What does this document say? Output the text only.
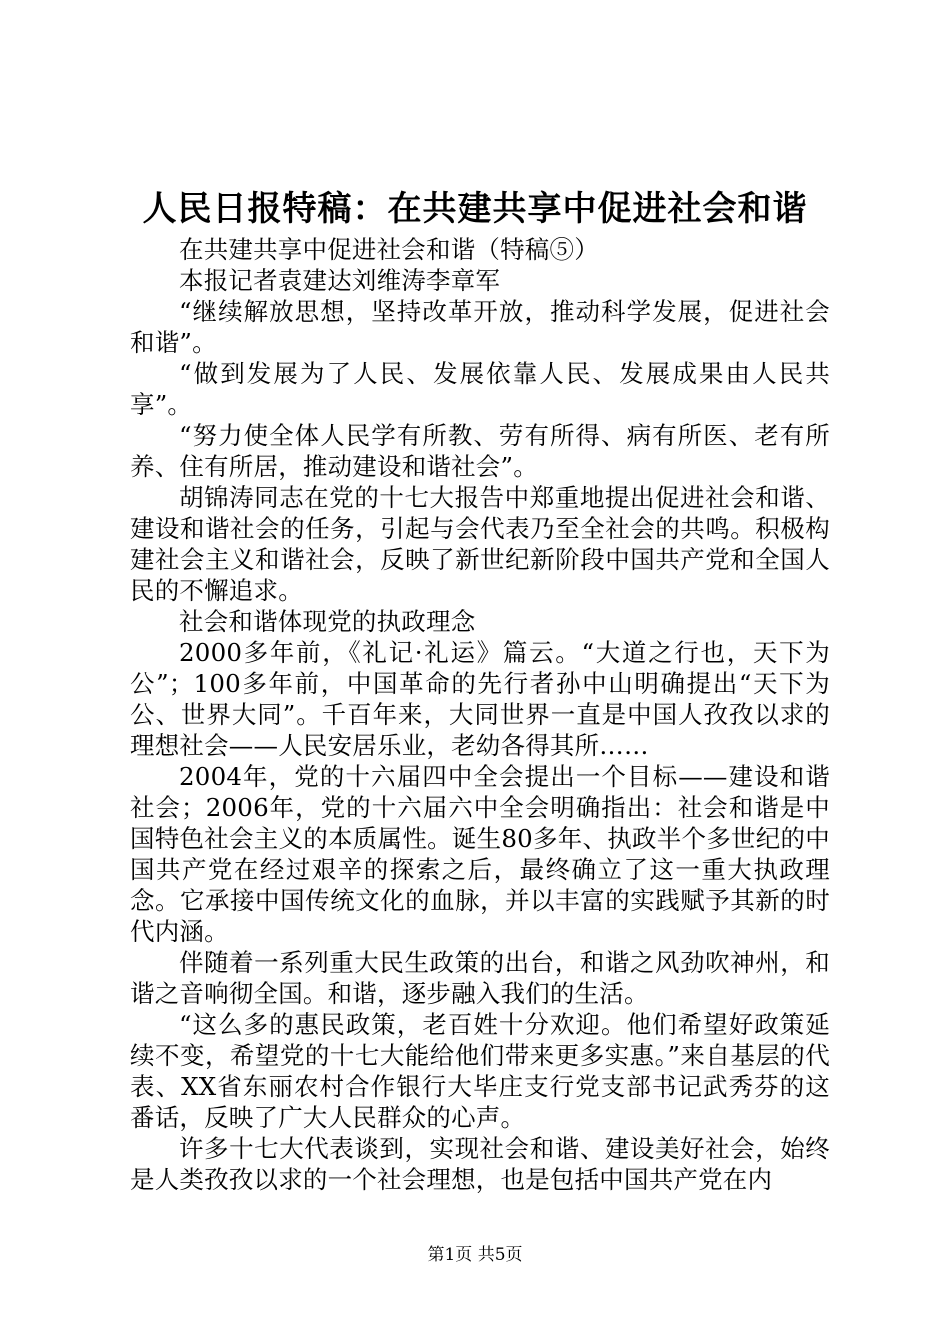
人民日报特稿：在共建共享中促进社会和谐

在共建共享中促进社会和谐（特稿⑤）

本报记者袁建达刘维涛李章军

“继续解放思想，坚持改革开放，推动科学发展，促进社会和谐”。

“做到发展为了人民、发展依靠人民、发展成果由人民共享”。

“努力使全体人民学有所教、劳有所得、病有所医、老有所养、住有所居，推动建设和谐社会”。

胡锦涛同志在党的十七大报告中郑重地提出促进社会和谐、建设和谐社会的任务，引起与会代表乃至全社会的共鸣。积极构建社会主义和谐社会，反映了新世纪新阶段中国共产党和全国人民的不懈追求。

社会和谐体现党的执政理念

2000多年前，《礼记·礼运》篇云。“大道之行也，天下为公”；100多年前，中国革命的先行者孙中山明确提出“天下为公、世界大同”。千百年来，大同世界一直是中国人孜孜以求的理想社会——人民安居乐业，老幼各得其所……

2004年，党的十六届四中全会提出一个目标——建设和谐社会；2006年，党的十六届六中全会明确指出：社会和谐是中国特色社会主义的本质属性。诞生80多年、执政半个多世纪的中国共产党在经过艰辛的探索之后，最终确立了这一重大执政理念。它承接中国传统文化的血脉，并以丰富的实践赋予其新的时代内涵。

伴随着一系列重大民生政策的出台，和谐之风劲吹神州，和谐之音响彻全国。和谐，逐步融入我们的生活。

“这么多的惠民政策，老百姓十分欢迎。他们希望好政策延续不变，希望党的十七大能给他们带来更多实惠。”来自基层的代表、XX省东丽农村合作银行大毕庄支行党支部书记武秀芬的这番话，反映了广大人民群众的心声。

许多十七大代表谈到，实现社会和谐、建设美好社会，始终是人类孜孜以求的一个社会理想，也是包括中国共产党在内

第1页 共5页
